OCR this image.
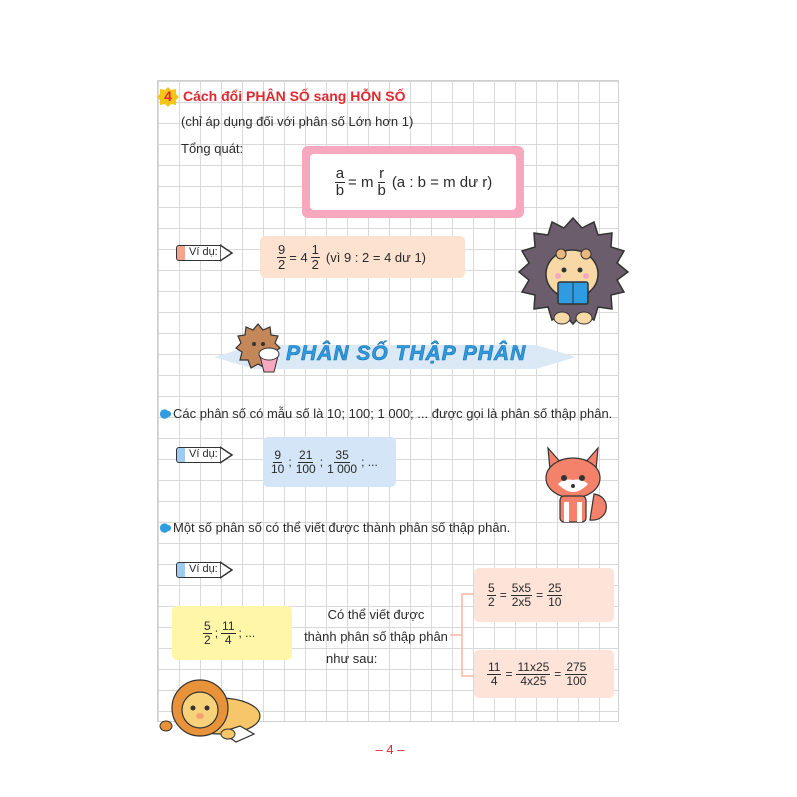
4 Cách đổi PHÂN SỐ sang HỖN SỐ
(chỉ áp dụng đối với phân số Lớn hơn 1)
Tổng quát:
$\frac{a}{b} = m \frac{r}{b} (a$ : b = m dư r)
Ví dụ:	$\frac{9}{2} = 4 \frac{1}{2}$ (vì 9 : 2 = 4 dư 1)
PHÂN SỐ THẬP PHÂN
Các phân số có mẫu số là 10; 100; 1 000; ... được gọi là phân số thập phân.
Ví dụ:	$\frac{9}{10}$ ; $\frac{21}{100}$ ; $\frac{35}{1 000}$ ; ...
Một số phân số có thể viết được thành phân số thập phân.
Ví dụ:
$\frac{5}{2}$ ; $\frac{11}{4}$ ; ...
Có thể viết được
thành phân số thập phân
như sau:
$\frac{5}{2} = \frac{5x5}{2x5} = \frac{25}{10}$
$\frac{11}{4} = \frac{11x25}{4x25} = \frac{275}{100}$
– 4 –
